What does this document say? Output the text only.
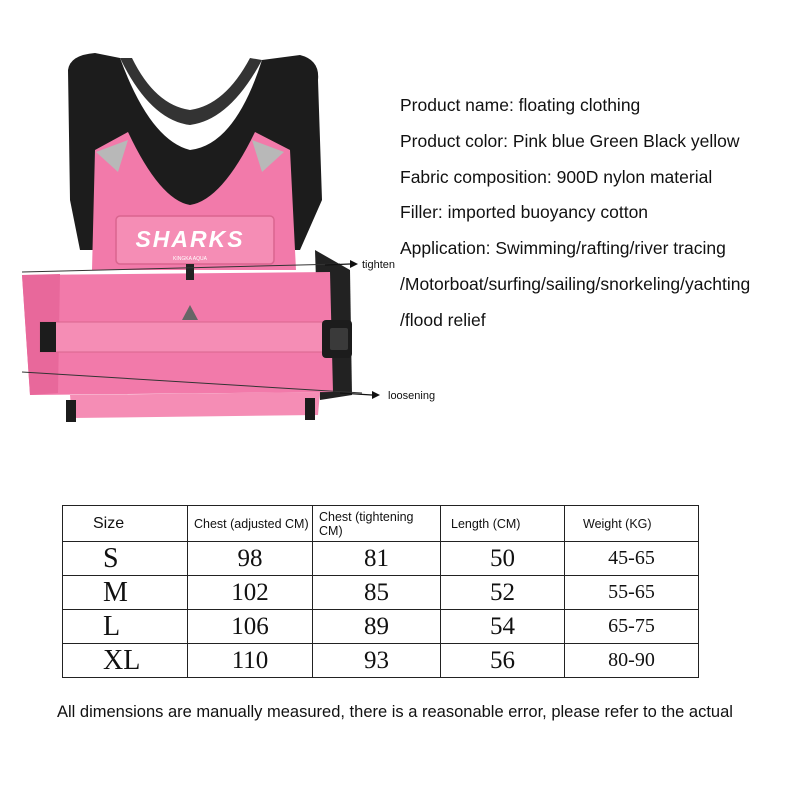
SHARKS
KINGKA AQUA	tighten
loosening
Product name: floating clothing
Product color: Pink blue Green Black yellow
Fabric composition: 900D nylon material
Filler: imported buoyancy cotton
Application: Swimming/rafting/river tracing
/Motorboat/surfing/sailing/snorkeling/yachting
/flood relief
Size	Chest (adjusted CM)	Chest (tightening CM)	Length (CM)	Weight (KG)
S	98	81	50	45-65
M	102	85	52	55-65
L	106	89	54	65-75
XL	110	93	56	80-90

All dimensions are manually measured, there is a reasonable error, please refer to the actual
